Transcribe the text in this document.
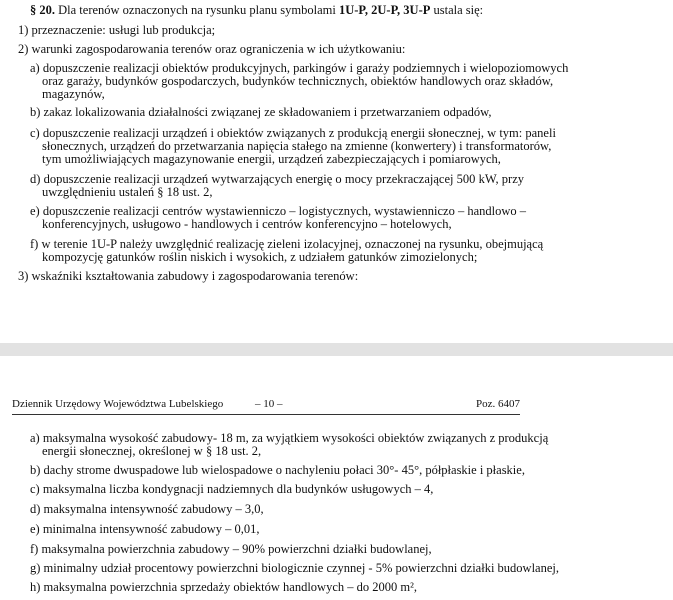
§ 20. Dla terenów oznaczonych na rysunku planu symbolami 1U-P, 2U-P, 3U-P ustala się:
1) przeznaczenie: usługi lub produkcja;
2) warunki zagospodarowania terenów oraz ograniczenia w ich użytkowaniu:
a) dopuszczenie realizacji obiektów produkcyjnych, parkingów i garaży podziemnych i wielopoziomowych
oraz garaży, budynków gospodarczych, budynków technicznych, obiektów handlowych oraz składów,
magazynów,
b) zakaz lokalizowania działalności związanej ze składowaniem i przetwarzaniem odpadów,
c) dopuszczenie realizacji urządzeń i obiektów związanych z produkcją energii słonecznej, w tym: paneli
słonecznych, urządzeń do przetwarzania napięcia stałego na zmienne (konwertery) i transformatorów,
tym umożliwiających magazynowanie energii, urządzeń zabezpieczających i pomiarowych,
d) dopuszczenie realizacji urządzeń wytwarzających energię o mocy przekraczającej 500 kW, przy
uwzględnieniu ustaleń § 18 ust. 2,
e) dopuszczenie realizacji centrów wystawienniczo – logistycznych, wystawienniczo – handlowo –
konferencyjnych, usługowo - handlowych i centrów konferencyjno – hotelowych,
f) w terenie 1U-P należy uwzględnić realizację zieleni izolacyjnej, oznaczonej na rysunku, obejmującą
kompozycję gatunków roślin niskich i wysokich, z udziałem gatunków zimozielonych;
3) wskaźniki kształtowania zabudowy i zagospodarowania terenów:
Dziennik Urzędowy Województwa Lubelskiego	– 10 –	Poz. 6407
a) maksymalna wysokość zabudowy- 18 m, za wyjątkiem wysokości obiektów związanych z produkcją
energii słonecznej, określonej w § 18 ust. 2,
b) dachy strome dwuspadowe lub wielospadowe o nachyleniu połaci 30°- 45°, półpłaskie i płaskie,
c) maksymalna liczba kondygnacji nadziemnych dla budynków usługowych – 4,
d) maksymalna intensywność zabudowy – 3,0,
e) minimalna intensywność zabudowy – 0,01,
f) maksymalna powierzchnia zabudowy – 90% powierzchni działki budowlanej,
g) minimalny udział procentowy powierzchni biologicznie czynnej - 5% powierzchni działki budowlanej,
h) maksymalna powierzchnia sprzedaży obiektów handlowych – do 2000 m²,
